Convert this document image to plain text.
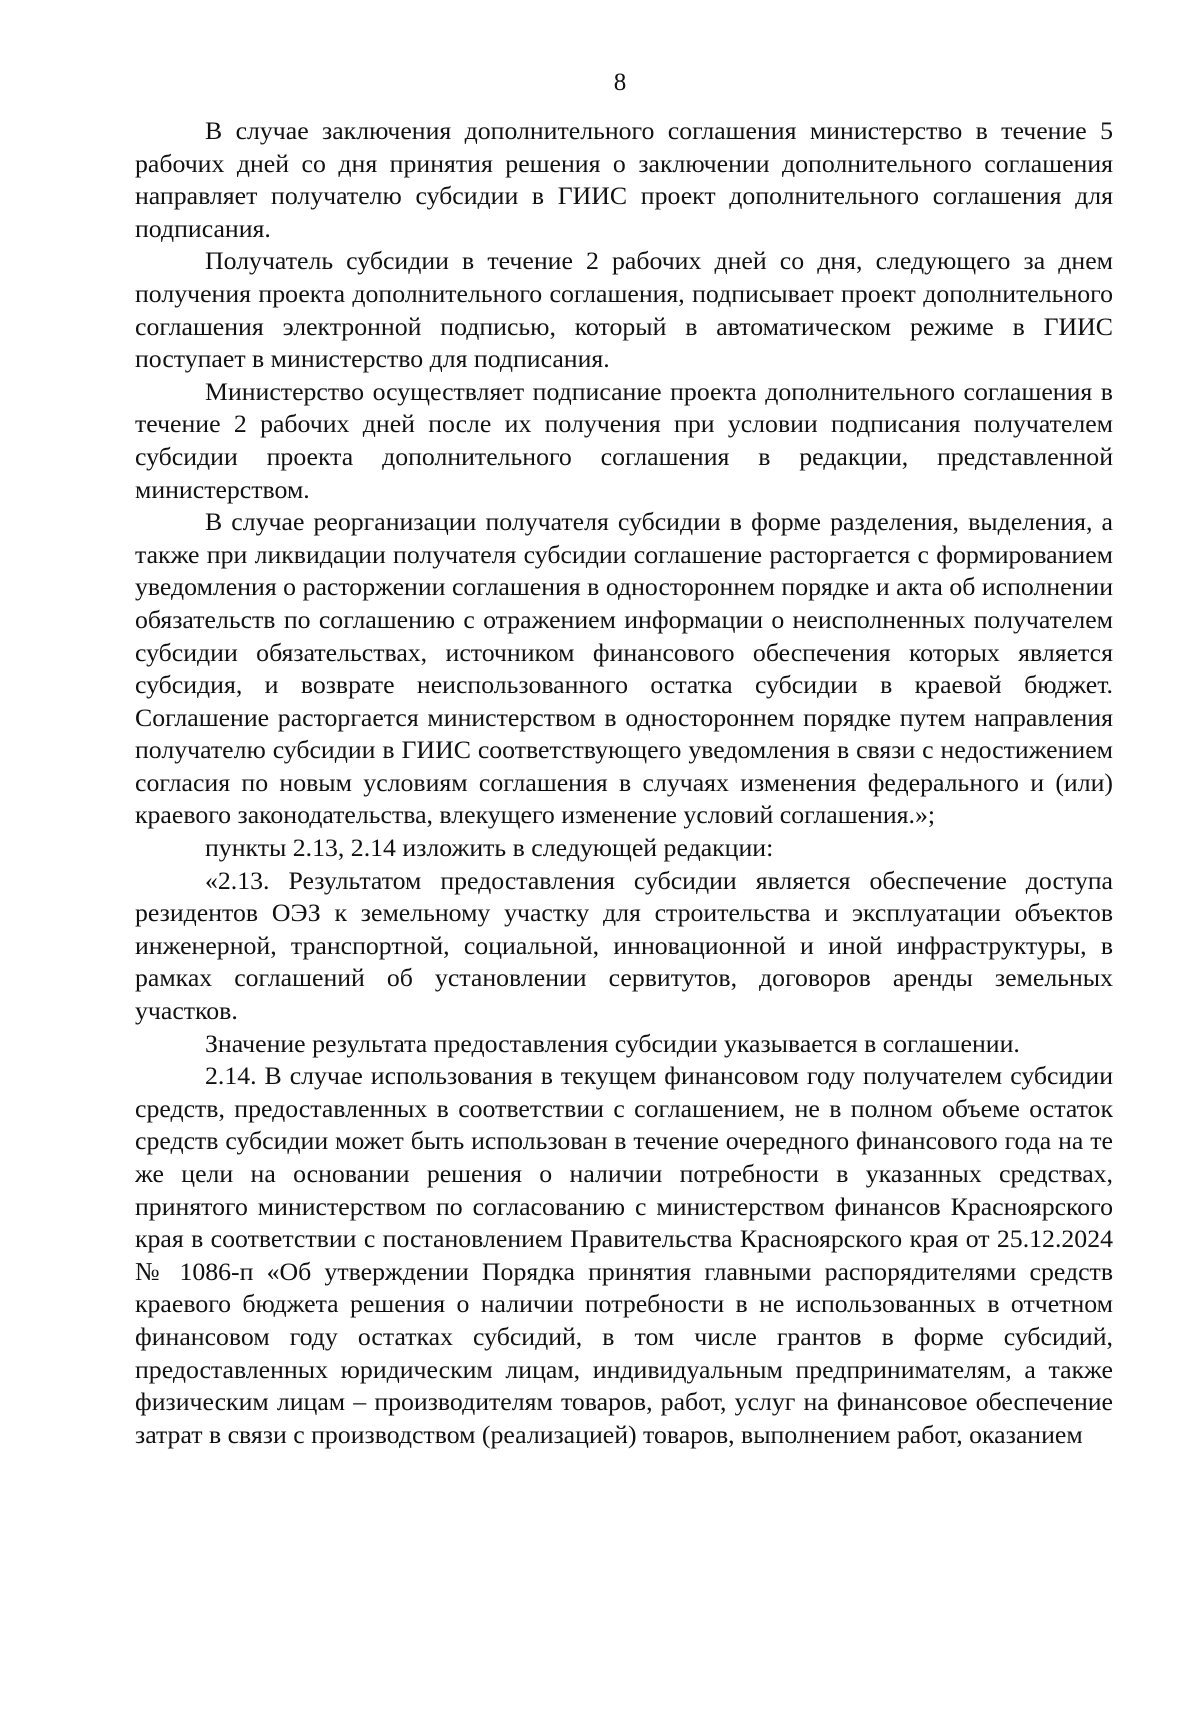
8

В случае заключения дополнительного соглашения министерство в течение 5 рабочих дней со дня принятия решения о заключении дополнительного соглашения направляет получателю субсидии в ГИИС проект дополнительного соглашения для подписания.

Получатель субсидии в течение 2 рабочих дней со дня, следующего за днем получения проекта дополнительного соглашения, подписывает проект дополнительного соглашения электронной подписью, который в автоматическом режиме в ГИИС поступает в министерство для подписания.

Министерство осуществляет подписание проекта дополнительного соглашения в течение 2 рабочих дней после их получения при условии подписания получателем субсидии проекта дополнительного соглашения в редакции, представленной министерством.

В случае реорганизации получателя субсидии в форме разделения, выделения, а также при ликвидации получателя субсидии соглашение расторгается с формированием уведомления о расторжении соглашения в одностороннем порядке и акта об исполнении обязательств по соглашению с отражением информации о неисполненных получателем субсидии обязательствах, источником финансового обеспечения которых является субсидия, и возврате неиспользованного остатка субсидии в краевой бюджет. Соглашение расторгается министерством в одностороннем порядке путем направления получателю субсидии в ГИИС соответствующего уведомления в связи с недостижением согласия по новым условиям соглашения в случаях изменения федерального и (или) краевого законодательства, влекущего изменение условий соглашения.»;

пункты 2.13, 2.14 изложить в следующей редакции:

«2.13. Результатом предоставления субсидии является обеспечение доступа резидентов ОЭЗ к земельному участку для строительства и эксплуатации объектов инженерной, транспортной, социальной, инновационной и иной инфраструктуры, в рамках соглашений об установлении сервитутов, договоров аренды земельных участков.

Значение результата предоставления субсидии указывается в соглашении.

2.14. В случае использования в текущем финансовом году получателем субсидии средств, предоставленных в соответствии с соглашением, не в полном объеме остаток средств субсидии может быть использован в течение очередного финансового года на те же цели на основании решения о наличии потребности в указанных средствах, принятого министерством по согласованию с министерством финансов Красноярского края в соответствии с постановлением Правительства Красноярского края от 25.12.2024 № 1086-п «Об утверждении Порядка принятия главными распорядителями средств краевого бюджета решения о наличии потребности в не использованных в отчетном финансовом году остатках субсидий, в том числе грантов в форме субсидий, предоставленных юридическим лицам, индивидуальным предпринимателям, а также физическим лицам – производителям товаров, работ, услуг на финансовое обеспечение затрат в связи с производством (реализацией) товаров, выполнением работ, оказанием
